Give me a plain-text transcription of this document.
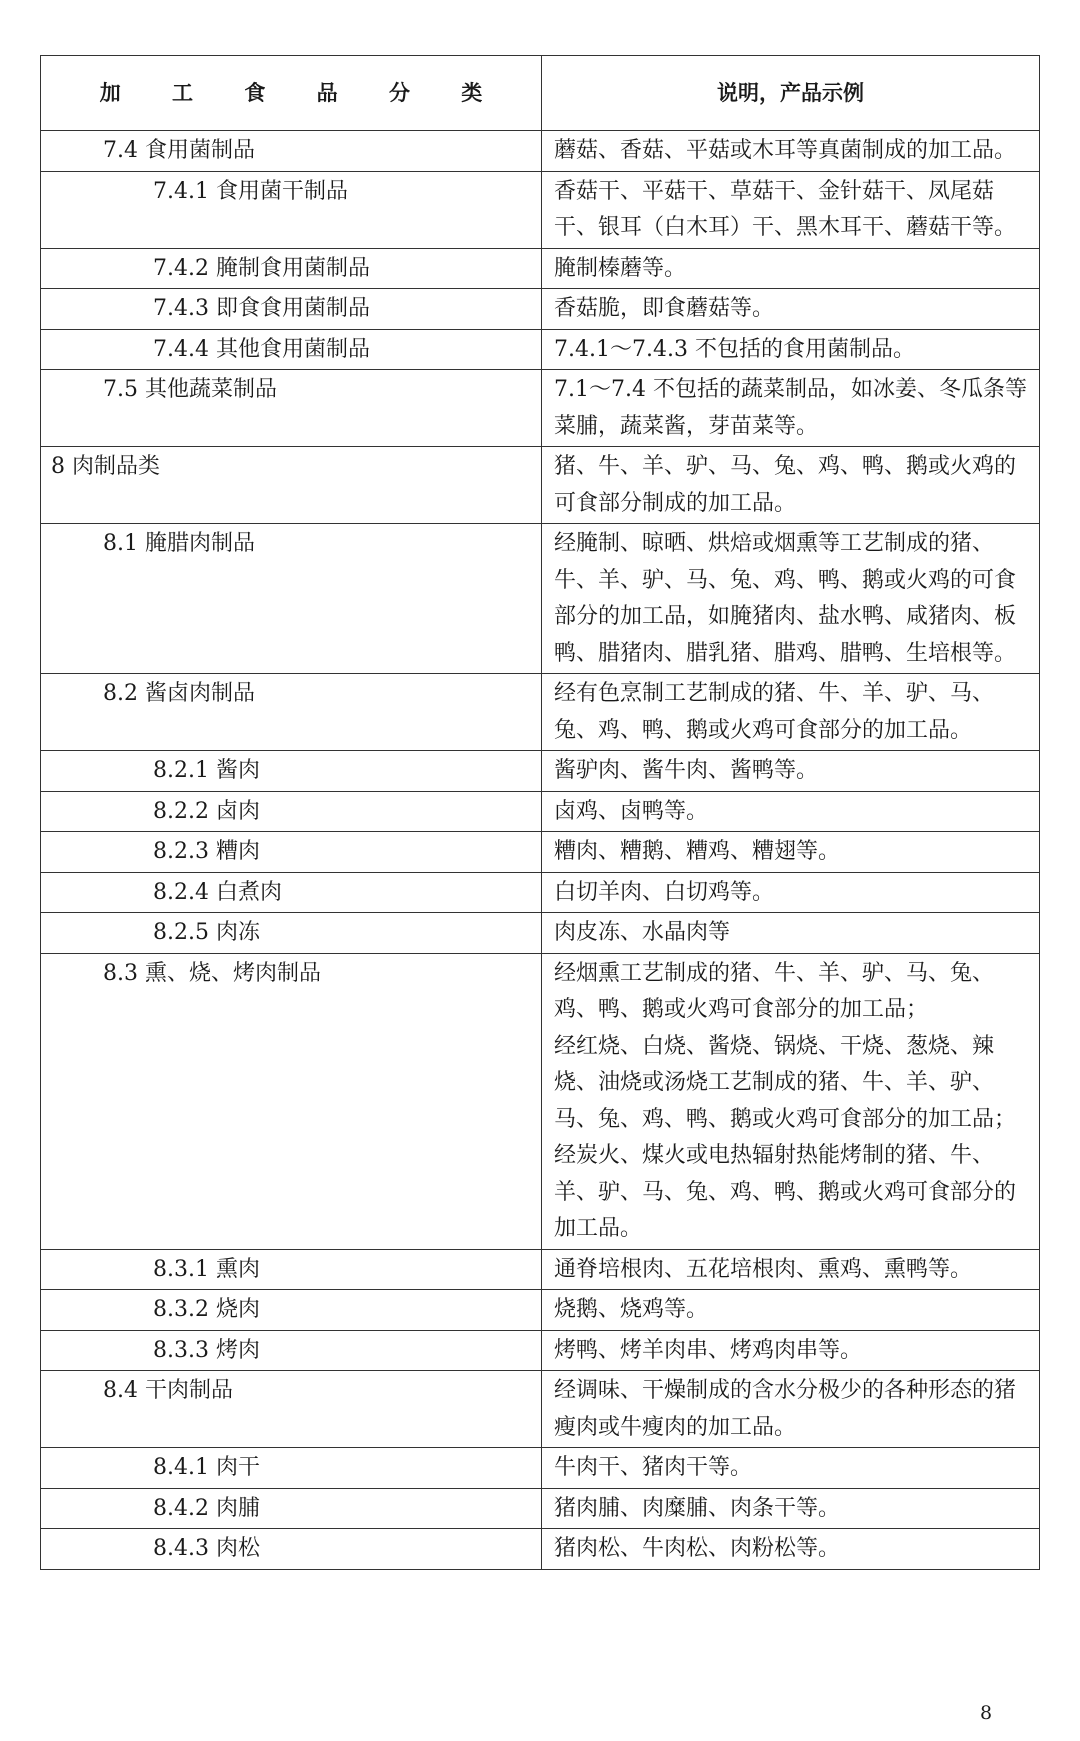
加 工 食 品 分 类	说明，产品示例
7.4 食用菌制品	蘑菇、香菇、平菇或木耳等真菌制成的加工品。

7.4.1 食用菌干制品	香菇干、平菇干、草菇干、金针菇干、凤尾菇干、银耳（白木耳）干、黑木耳干、蘑菇干等。

7.4.2 腌制食用菌制品	腌制榛蘑等。

7.4.3 即食食用菌制品	香菇脆，即食蘑菇等。

7.4.4 其他食用菌制品	7.4.1～7.4.3 不包括的食用菌制品。

7.5 其他蔬菜制品	7.1～7.4 不包括的蔬菜制品，如冰姜、冬瓜条等菜脯，蔬菜酱，芽苗菜等。

8 肉制品类	猪、牛、羊、驴、马、兔、鸡、鸭、鹅或火鸡的可食部分制成的加工品。

8.1 腌腊肉制品	经腌制、晾晒、烘焙或烟熏等工艺制成的猪、牛、羊、驴、马、兔、鸡、鸭、鹅或火鸡的可食部分的加工品，如腌猪肉、盐水鸭、咸猪肉、板鸭、腊猪肉、腊乳猪、腊鸡、腊鸭、生培根等。

8.2 酱卤肉制品	经有色烹制工艺制成的猪、牛、羊、驴、马、兔、鸡、鸭、鹅或火鸡可食部分的加工品。

8.2.1 酱肉	酱驴肉、酱牛肉、酱鸭等。

8.2.2 卤肉	卤鸡、卤鸭等。

8.2.3 糟肉	糟肉、糟鹅、糟鸡、糟翅等。

8.2.4 白煮肉	白切羊肉、白切鸡等。

8.2.5 肉冻	肉皮冻、水晶肉等

8.3 熏、烧、烤肉制品	经烟熏工艺制成的猪、牛、羊、驴、马、兔、鸡、鸭、鹅或火鸡可食部分的加工品；
经红烧、白烧、酱烧、锅烧、干烧、葱烧、辣烧、油烧或汤烧工艺制成的猪、牛、羊、驴、马、兔、鸡、鸭、鹅或火鸡可食部分的加工品；
经炭火、煤火或电热辐射热能烤制的猪、牛、羊、驴、马、兔、鸡、鸭、鹅或火鸡可食部分的加工品。

8.3.1 熏肉	通脊培根肉、五花培根肉、熏鸡、熏鸭等。

8.3.2 烧肉	烧鹅、烧鸡等。

8.3.3 烤肉	烤鸭、烤羊肉串、烤鸡肉串等。

8.4 干肉制品	经调味、干燥制成的含水分极少的各种形态的猪瘦肉或牛瘦肉的加工品。

8.4.1 肉干	牛肉干、猪肉干等。

8.4.2 肉脯	猪肉脯、肉糜脯、肉条干等。

8.4.3 肉松	猪肉松、牛肉松、肉粉松等。
8
